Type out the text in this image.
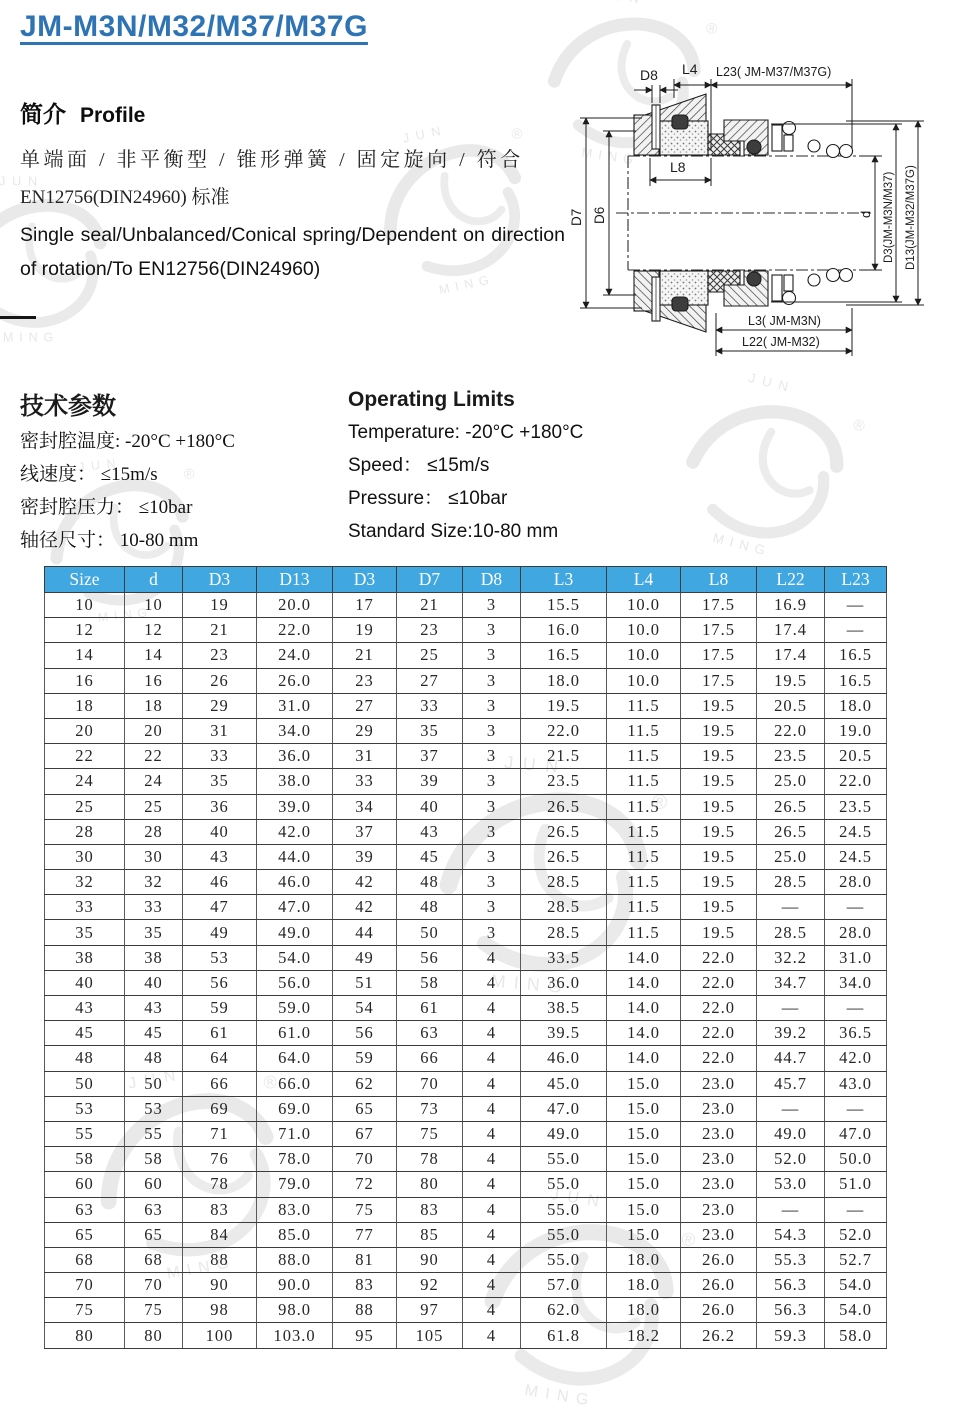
JM-M3N/M32/M37/M37G
简介 Profile
单端面 / 非平衡型 / 锥形弹簧 / 固定旋向 / 符合
EN12756(DIN24960) 标准
Single seal/Unbalanced/Conical spring/Dependent on direction of rotation/To EN12756(DIN24960)
D8 L4 L23( JM-M37/M37G)
L8
D7 D6	d D3(JM-M3N/M37) D13(JM-M32/M37G)
L3( JM-M3N)
L22( JM-M32)
技术参数
密封腔温度: -20°C +180°C
线速度： ≤15m/s
密封腔压力： ≤10bar
轴径尺寸： 10-80 mm
Operating Limits
Temperature: -20°C +180°C
Speed： ≤15m/s
Pressure： ≤10bar
Standard Size:10-80 mm
Size	d	D3	D13	D3	D7	D8	L3	L4	L8	L22	L23
10	10	19	20.0	17	21	3	15.5	10.0	17.5	16.9	—
12	12	21	22.0	19	23	3	16.0	10.0	17.5	17.4	—
14	14	23	24.0	21	25	3	16.5	10.0	17.5	17.4	16.5
16	16	26	26.0	23	27	3	18.0	10.0	17.5	19.5	16.5
18	18	29	31.0	27	33	3	19.5	11.5	19.5	20.5	18.0
20	20	31	34.0	29	35	3	22.0	11.5	19.5	22.0	19.0
22	22	33	36.0	31	37	3	21.5	11.5	19.5	23.5	20.5
24	24	35	38.0	33	39	3	23.5	11.5	19.5	25.0	22.0
25	25	36	39.0	34	40	3	26.5	11.5	19.5	26.5	23.5
28	28	40	42.0	37	43	3	26.5	11.5	19.5	26.5	24.5
30	30	43	44.0	39	45	3	26.5	11.5	19.5	25.0	24.5
32	32	46	46.0	42	48	3	28.5	11.5	19.5	28.5	28.0
33	33	47	47.0	42	48	3	28.5	11.5	19.5	—	—
35	35	49	49.0	44	50	3	28.5	11.5	19.5	28.5	28.0
38	38	53	54.0	49	56	4	33.5	14.0	22.0	32.2	31.0
40	40	56	56.0	51	58	4	36.0	14.0	22.0	34.7	34.0
43	43	59	59.0	54	61	4	38.5	14.0	22.0	—	—
45	45	61	61.0	56	63	4	39.5	14.0	22.0	39.2	36.5
48	48	64	64.0	59	66	4	46.0	14.0	22.0	44.7	42.0
50	50	66	66.0	62	70	4	45.0	15.0	23.0	45.7	43.0
53	53	69	69.0	65	73	4	47.0	15.0	23.0	—	—
55	55	71	71.0	67	75	4	49.0	15.0	23.0	49.0	47.0
58	58	76	78.0	70	78	4	55.0	15.0	23.0	52.0	50.0
60	60	78	79.0	72	80	4	55.0	15.0	23.0	53.0	51.0
63	63	83	83.0	75	83	4	55.0	15.0	23.0	—	—
65	65	84	85.0	77	85	4	55.0	15.0	23.0	54.3	52.0
68	68	88	88.0	81	90	4	55.0	18.0	26.0	55.3	52.7
70	70	90	90.0	83	92	4	57.0	18.0	26.0	56.3	54.0
75	75	98	98.0	88	97	4	62.0	18.0	26.0	56.3	54.0
80	80	100	103.0	95	105	4	61.8	18.2	26.2	59.3	58.0
